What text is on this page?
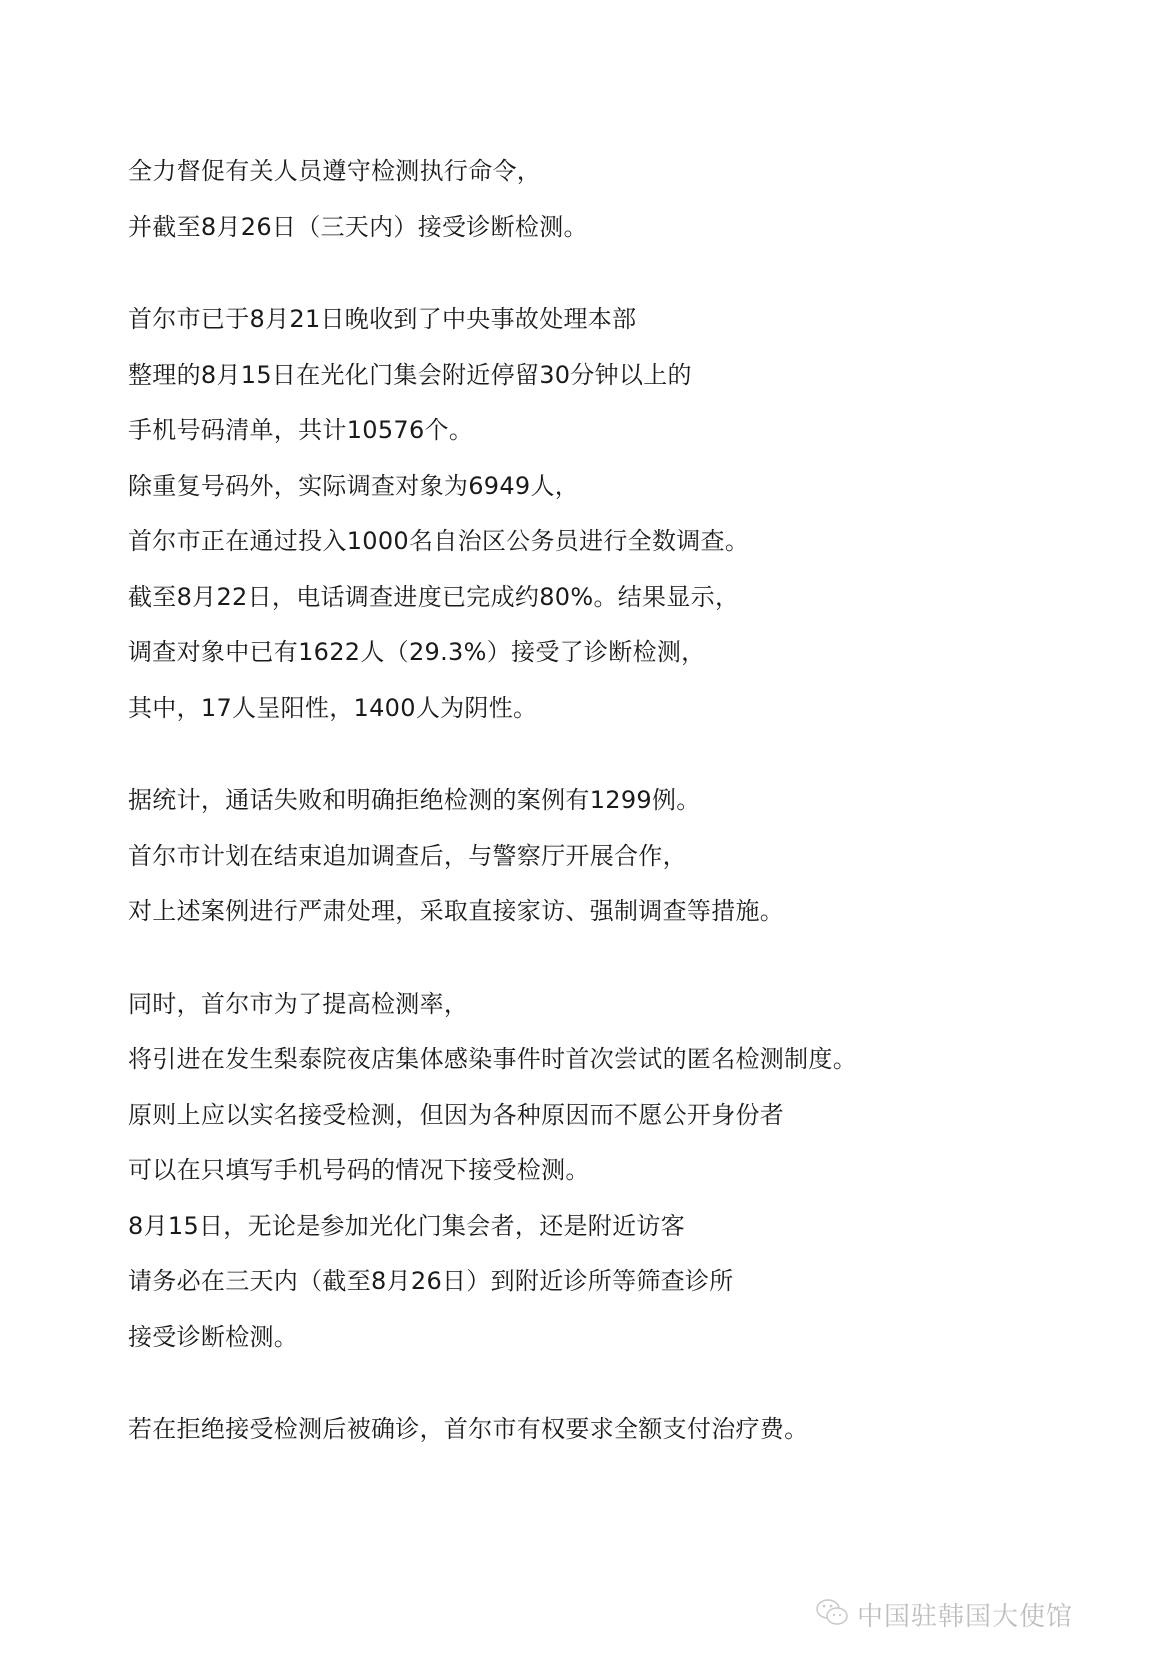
全力督促有关人员遵守检测执行命令，
并截至8月26日（三天内）接受诊断检测。
首尔市已于8月21日晚收到了中央事故处理本部
整理的8月15日在光化门集会附近停留30分钟以上的
手机号码清单，共计10576个。
除重复号码外，实际调查对象为6949人，
首尔市正在通过投入1000名自治区公务员进行全数调查。
截至8月22日，电话调查进度已完成约80%。结果显示，
调查对象中已有1622人（29.3%）接受了诊断检测，
其中，17人呈阳性，1400人为阴性。
据统计，通话失败和明确拒绝检测的案例有1299例。
首尔市计划在结束追加调查后，与警察厅开展合作，
对上述案例进行严肃处理，采取直接家访、强制调查等措施。
同时，首尔市为了提高检测率，
将引进在发生梨泰院夜店集体感染事件时首次尝试的匿名检测制度。
原则上应以实名接受检测，但因为各种原因而不愿公开身份者
可以在只填写手机号码的情况下接受检测。
8月15日，无论是参加光化门集会者，还是附近访客
请务必在三天内（截至8月26日）到附近诊所等筛查诊所
接受诊断检测。
若在拒绝接受检测后被确诊，首尔市有权要求全额支付治疗费。
中国驻韩国大使馆
